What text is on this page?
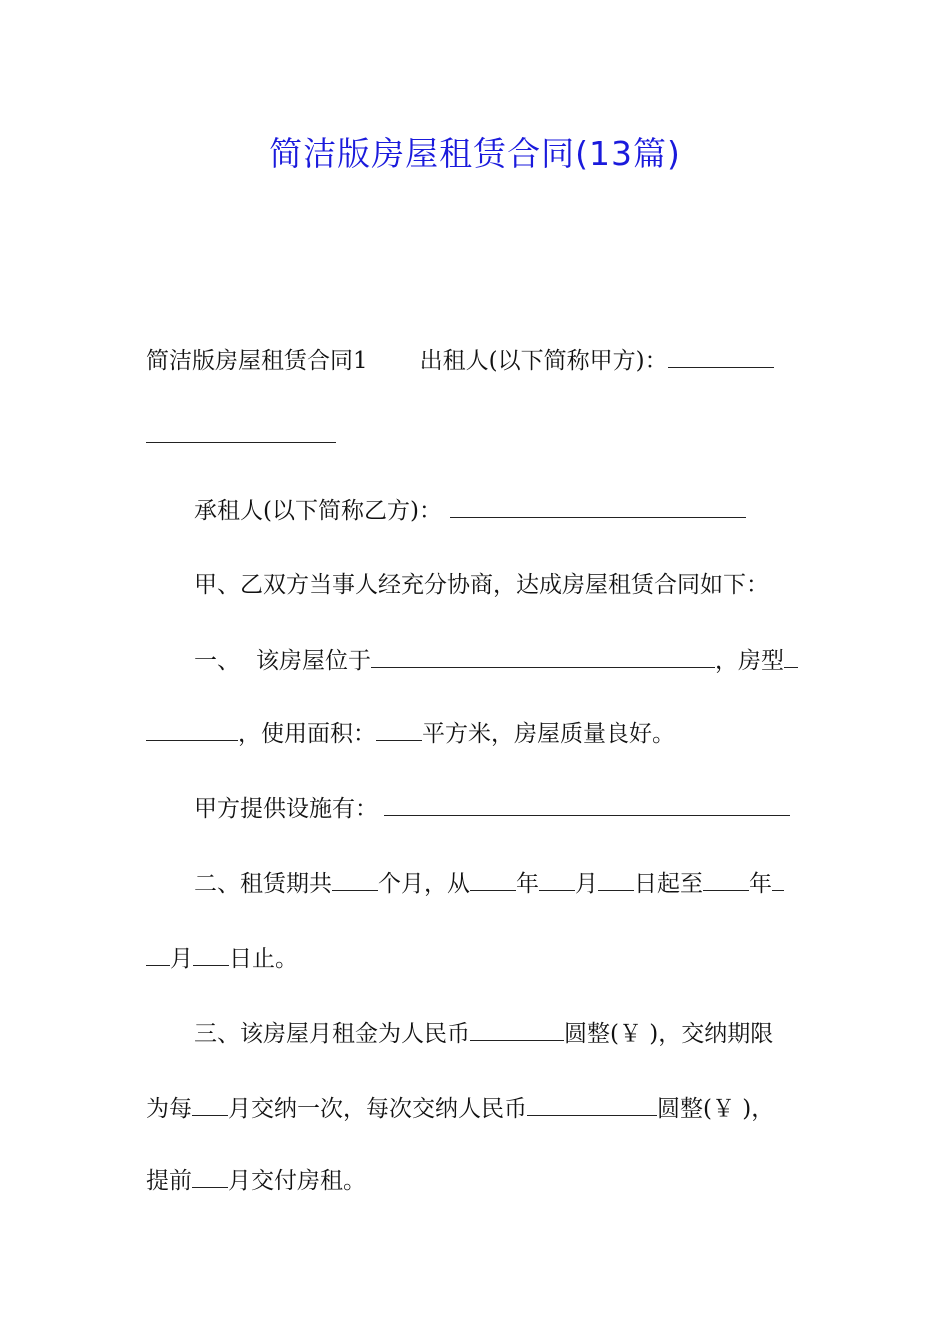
简洁版房屋租赁合同(13篇)
简洁版房屋租赁合同1 出租人(以下简称甲方)：
承租人(以下简称乙方)：
甲、乙双方当事人经充分协商，达成房屋租赁合同如下：
一、 该房屋位于	，房型
，使用面积： 平方米，房屋质量良好。
甲方提供设施有：
二、租赁期共 个月，从 年 月 日起至 年
月 日止。
三、该房屋月租金为人民币	圆整(￥ )，交纳期限
为每 月交纳一次，每次交纳人民币	圆整(￥ )，
提前 月交付房租。
